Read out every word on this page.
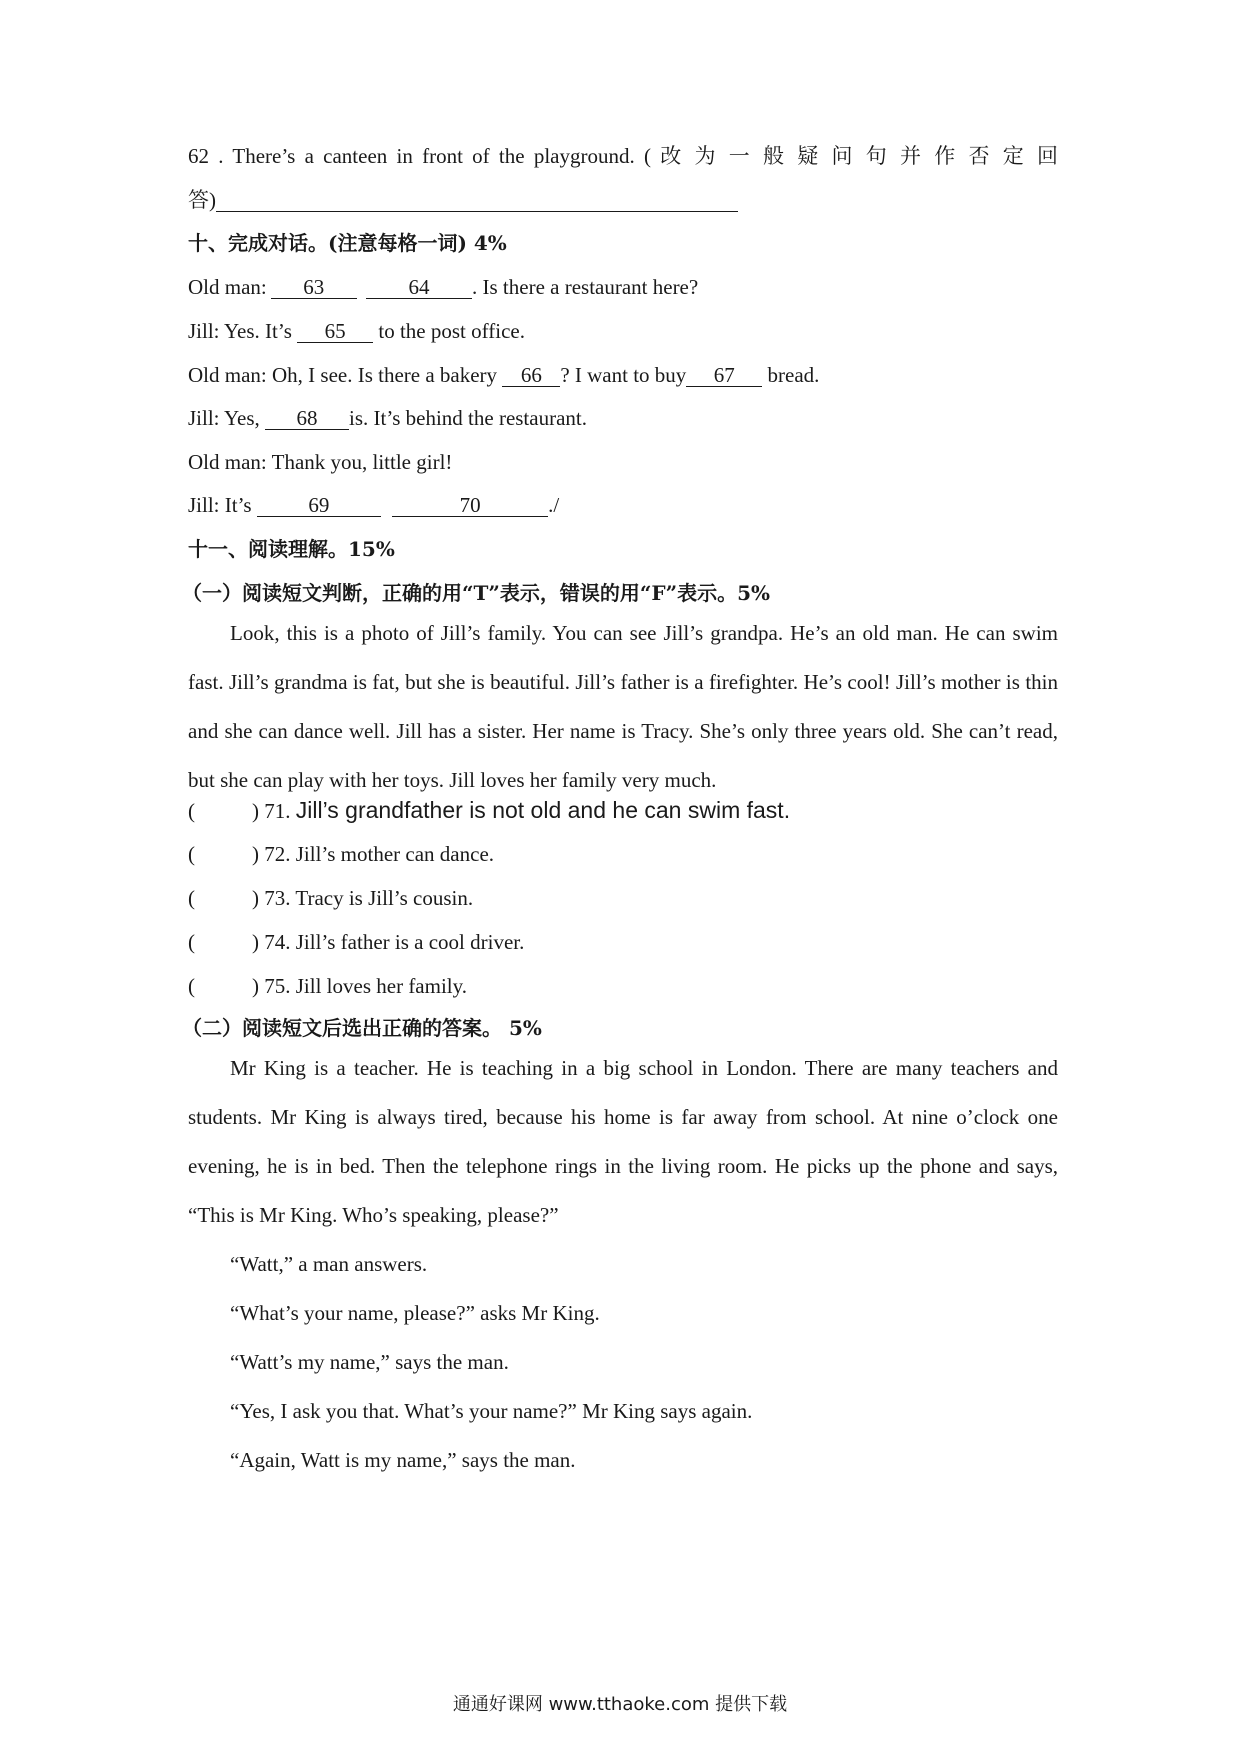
62 . There’s a canteen in front of the playground. ( 改 为 一 般 疑 问 句 并 作 否 定 回
答)
十、完成对话。(注意每格一词) 4%
Old man: 63	64 . Is there a restaurant here?
Jill: Yes. It’s 65 to the post office.
Old man: Oh, I see. Is there a bakery 66 ? I want to buy 67 bread.
Jill: Yes, 68 is. It’s behind the restaurant.
Old man: Thank you, little girl!
Jill: It’s	69	70	./
十一、阅读理解。15%
（一）阅读短文判断，正确的用“T”表示，错误的用“F”表示。5%

Look, this is a photo of Jill’s family. You can see Jill’s grandpa. He’s an old man. He can swim fast. Jill’s grandma is fat, but she is beautiful. Jill’s father is a firefighter. He’s cool! Jill’s mother is thin and she can dance well. Jill has a sister. Her name is Tracy. She’s only three years old. She can’t read, but she can play with her toys. Jill loves her family very much.

(	) 71. Jill’s grandfather is not old and he can swim fast.
(	) 72. Jill’s mother can dance.
(	) 73. Tracy is Jill’s cousin.
(	) 74. Jill’s father is a cool driver.
(	) 75. Jill loves her family.
（二）阅读短文后选出正确的答案。 5%

Mr King is a teacher. He is teaching in a big school in London. There are many teachers and students. Mr King is always tired, because his home is far away from school. At nine o’clock one evening, he is in bed. Then the telephone rings in the living room. He picks up the phone and says, “This is Mr King. Who’s speaking, please?”

“Watt,” a man answers.

“What’s your name, please?” asks Mr King.

“Watt’s my name,” says the man.

“Yes, I ask you that. What’s your name?” Mr King says again.

“Again, Watt is my name,” says the man.

通通好课网 www.tthaoke.com 提供下载
